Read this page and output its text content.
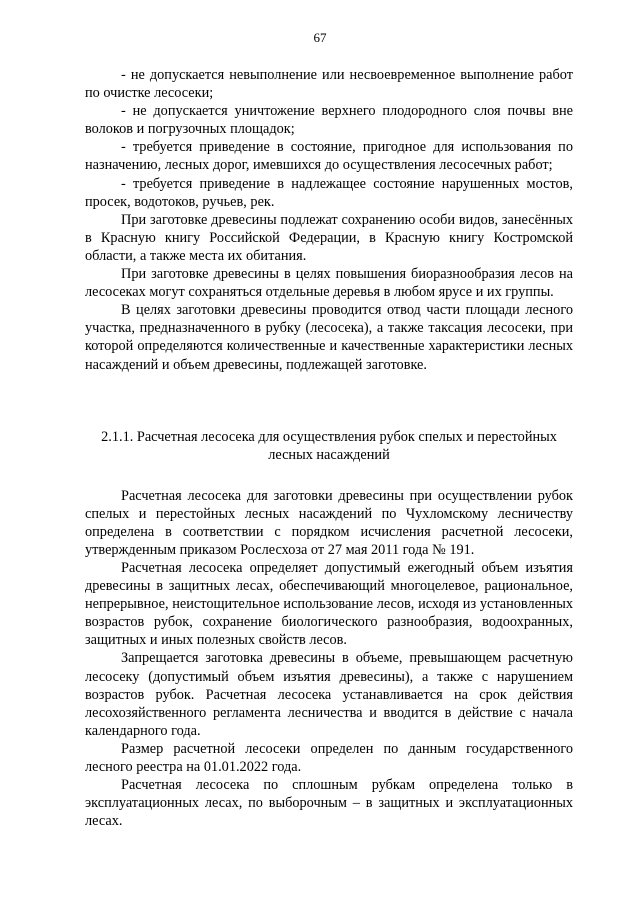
67

- не допускается невыполнение или несвоевременное выполнение работ по очистке лесосеки;

- не допускается уничтожение верхнего плодородного слоя почвы вне волоков и погрузочных площадок;

- требуется приведение в состояние, пригодное для использования по назначению, лесных дорог, имевшихся до осуществления лесосечных работ;

- требуется приведение в надлежащее состояние нарушенных мостов, просек, водотоков, ручьев, рек.

При заготовке древесины подлежат сохранению особи видов, занесённых в Красную книгу Российской Федерации, в Красную книгу Костромской области, а также места их обитания.

При заготовке древесины в целях повышения биоразнообразия лесов на лесосеках могут сохраняться отдельные деревья в любом ярусе и их группы.

В целях заготовки древесины проводится отвод части площади лесного участка, предназначенного в рубку (лесосека), а также таксация лесосеки, при которой определяются количественные и качественные характеристики лесных насаждений и объем древесины, подлежащей заготовке.

2.1.1. Расчетная лесосека для осуществления рубок спелых и перестойных лесных насаждений

Расчетная лесосека для заготовки древесины при осуществлении рубок спелых и перестойных лесных насаждений по Чухломскому лесничеству определена в соответствии с порядком исчисления расчетной лесосеки, утвержденным приказом Рослесхоза от 27 мая 2011 года № 191.

Расчетная лесосека определяет допустимый ежегодный объем изъятия древесины в защитных лесах, обеспечивающий многоцелевое, рациональное, непрерывное, неистощительное использование лесов, исходя из установленных возрастов рубок, сохранение биологического разнообразия, водоохранных, защитных и иных полезных свойств лесов.

Запрещается заготовка древесины в объеме, превышающем расчетную лесосеку (допустимый объем изъятия древесины), а также с нарушением возрастов рубок. Расчетная лесосека устанавливается на срок действия лесохозяйственного регламента лесничества и вводится в действие с начала календарного года.

Размер расчетной лесосеки определен по данным государственного лесного реестра на 01.01.2022 года.

Расчетная лесосека по сплошным рубкам определена только в эксплуатационных лесах, по выборочным – в защитных и эксплуатационных лесах.
